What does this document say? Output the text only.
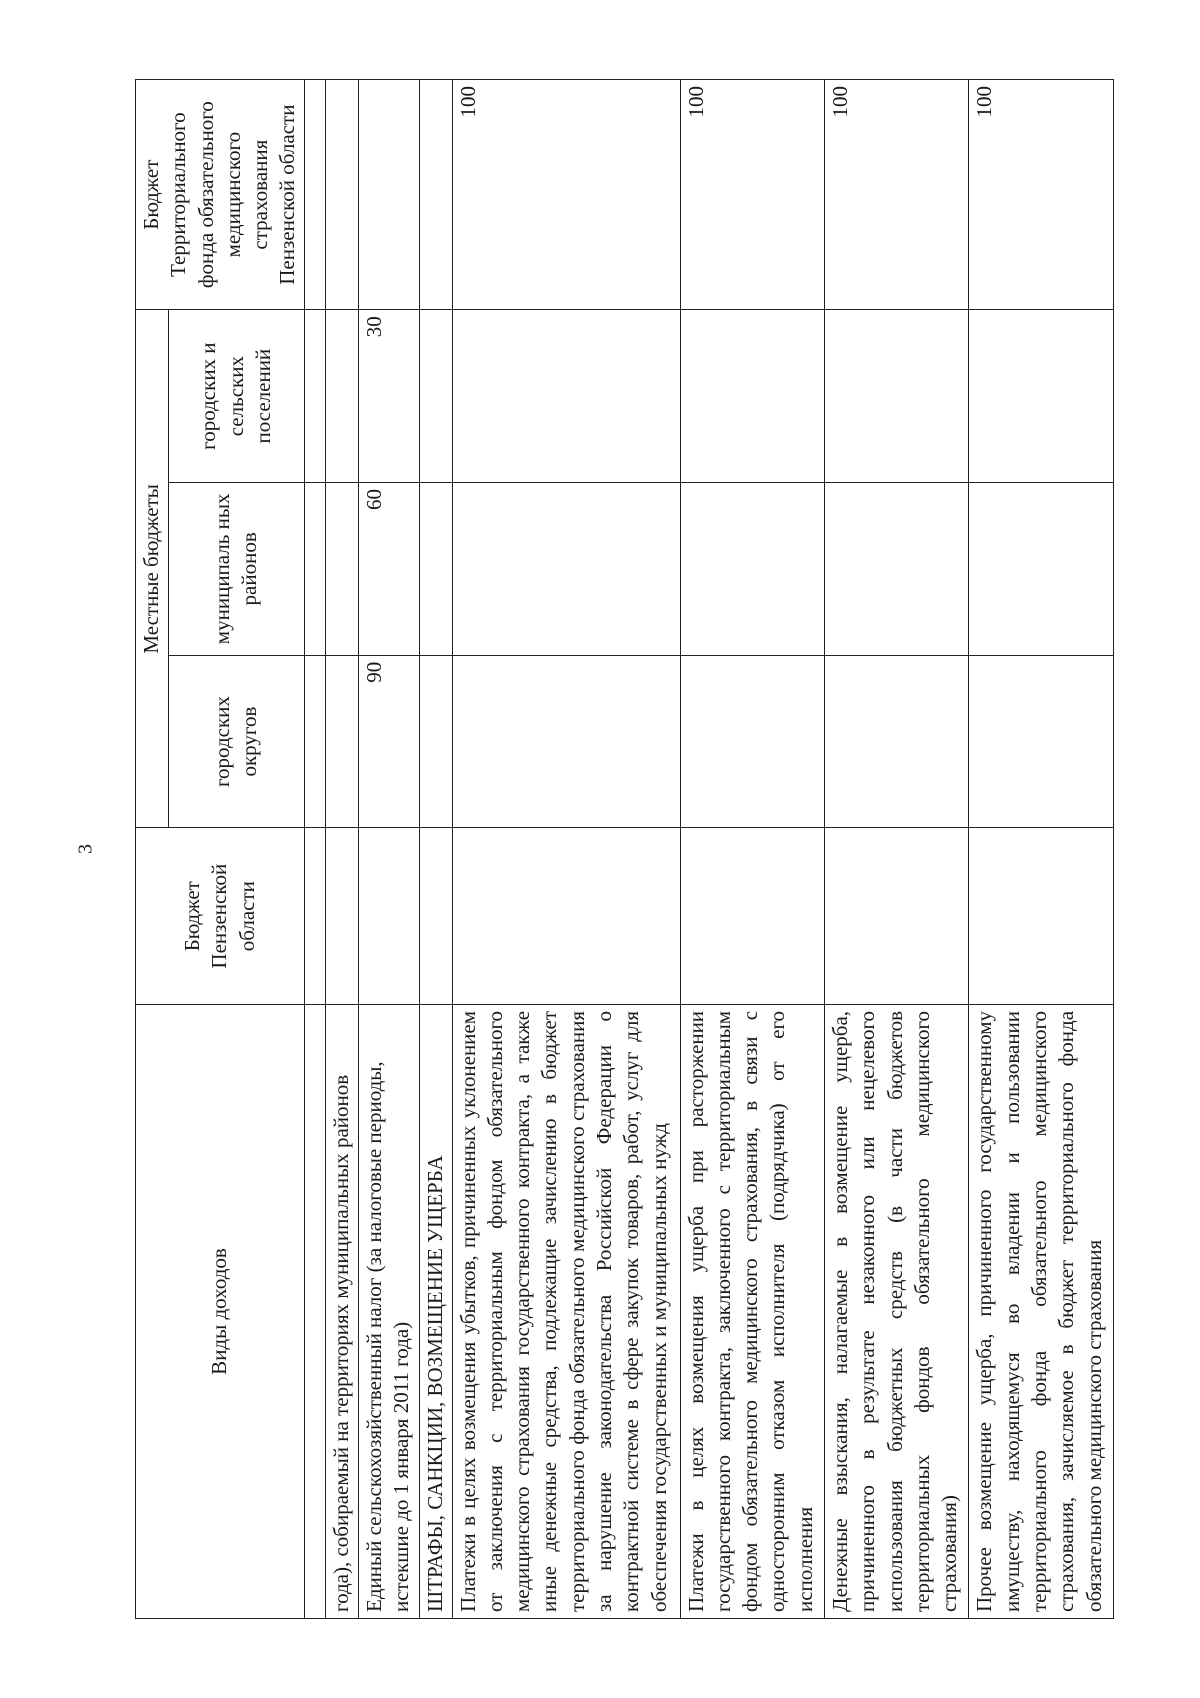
3
Виды доходов	Бюджет Пензенской области	Местные бюджеты			Бюджет Территориального фонда обязательного медицинского страхования Пензенской области
		городских округов	муниципаль ных районов	городских и сельских поселений	

года), собираемый на территориях муниципальных районов					
Единый сельскохозяйственный налог (за налоговые периоды, истекшие до 1 января 2011 года)		90	60	30	
ШТРАФЫ, САНКЦИИ, ВОЗМЕЩЕНИЕ УЩЕРБА					
Платежи в целях возмещения убытков, причиненных уклонением от заключения с территориальным фондом обязательного медицинского страхования государственного контракта, а также иные денежные средства, подлежащие зачислению в бюджет территориального фонда обязательного медицинского страхования за нарушение законодательства Российской Федерации о контрактной системе в сфере закупок товаров, работ, услуг для обеспечения государственных и муниципальных нужд					100
Платежи в целях возмещения ущерба при расторжении государственного контракта, заключенного с территориальным фондом обязательного медицинского страхования, в связи с односторонним отказом исполнителя (подрядчика) от его исполнения					100
Денежные взыскания, налагаемые в возмещение ущерба, причиненного в результате незаконного или нецелевого использования бюджетных средств (в части бюджетов территориальных фондов обязательного медицинского страхования)					100
Прочее возмещение ущерба, причиненного государственному имуществу, находящемуся во владении и пользовании территориального фонда обязательного медицинского страхования, зачисляемое в бюджет территориального фонда обязательного медицинского страхования					100
